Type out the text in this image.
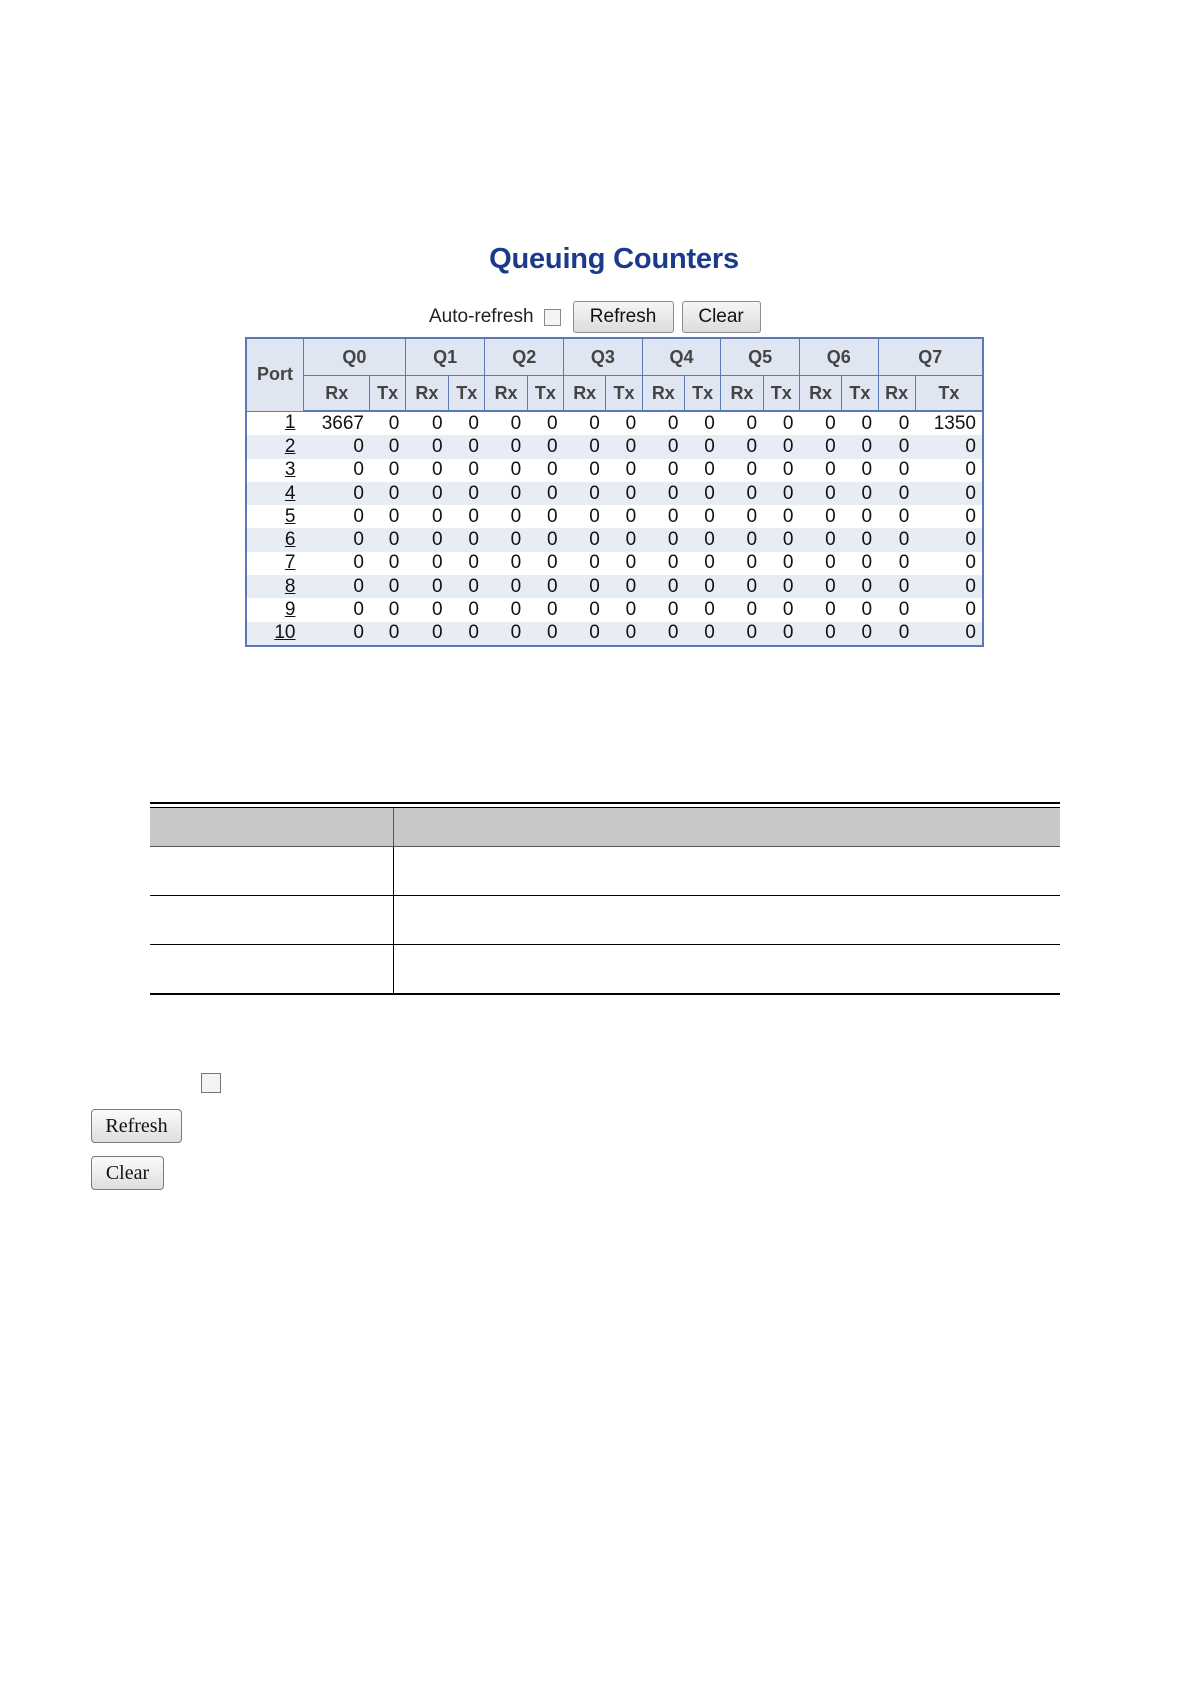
Queuing Counters
Auto-refresh	Refresh	Clear
Port	Q0		Q1		Q2		Q3		Q4		Q5		Q6		Q7	
	Rx	Tx	Rx	Tx	Rx	Tx	Rx	Tx	Rx	Tx	Rx	Tx	Rx	Tx	Rx	Tx
1	3667	0	0	0	0	0	0	0	0	0	0	0	0	0	0	1350
2	0	0	0	0	0	0	0	0	0	0	0	0	0	0	0	0
3	0	0	0	0	0	0	0	0	0	0	0	0	0	0	0	0
4	0	0	0	0	0	0	0	0	0	0	0	0	0	0	0	0
5	0	0	0	0	0	0	0	0	0	0	0	0	0	0	0	0
6	0	0	0	0	0	0	0	0	0	0	0	0	0	0	0	0
7	0	0	0	0	0	0	0	0	0	0	0	0	0	0	0	0
8	0	0	0	0	0	0	0	0	0	0	0	0	0	0	0	0
9	0	0	0	0	0	0	0	0	0	0	0	0	0	0	0	0
10	0	0	0	0	0	0	0	0	0	0	0	0	0	0	0	0

Refresh
Clear
